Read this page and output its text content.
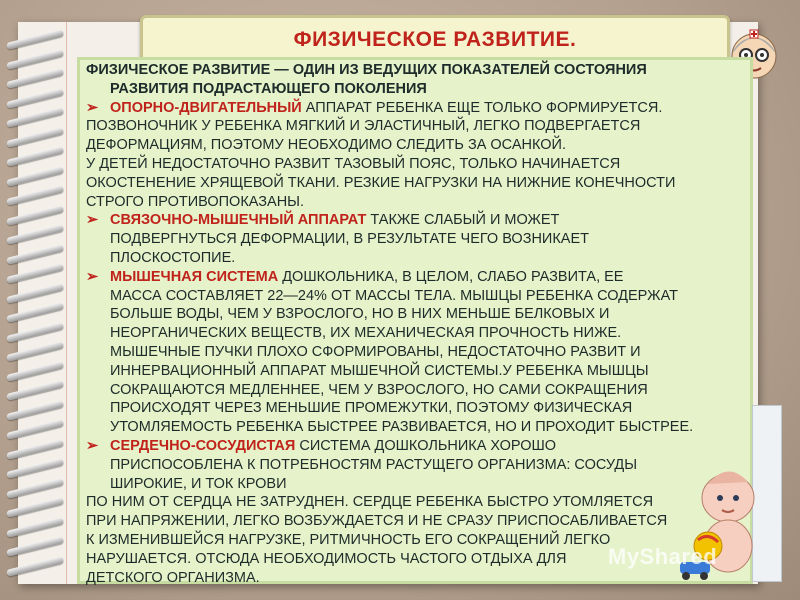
ФИЗИЧЕСКОЕ РАЗВИТИЕ.
ФИЗИЧЕСКОЕ РАЗВИТИЕ — ОДИН ИЗ ВЕДУЩИХ ПОКАЗАТЕЛЕЙ СОСТОЯНИЯ
РАЗВИТИЯ ПОДРАСТАЮЩЕГО ПОКОЛЕНИЯ
➢ ОПОРНО-ДВИГАТЕЛЬНЫЙ АППАРАТ РЕБЕНКА ЕЩЕ ТОЛЬКО ФОРМИРУЕТСЯ.
ПОЗВОНОЧНИК У РЕБЕНКА МЯГКИЙ И ЭЛАСТИЧНЫЙ, ЛЕГКО ПОДВЕРГАЕТСЯ
ДЕФОРМАЦИЯМ, ПОЭТОМУ НЕОБХОДИМО СЛЕДИТЬ ЗА ОСАНКОЙ.
У ДЕТЕЙ НЕДОСТАТОЧНО РАЗВИТ ТАЗОВЫЙ ПОЯС, ТОЛЬКО НАЧИНАЕТСЯ
ОКОСТЕНЕНИЕ ХРЯЩЕВОЙ ТКАНИ. РЕЗКИЕ НАГРУЗКИ НА НИЖНИЕ КОНЕЧНОСТИ
СТРОГО ПРОТИВОПОКАЗАНЫ.
➢ СВЯЗОЧНО-МЫШЕЧНЫЙ АППАРАТ ТАКЖЕ СЛАБЫЙ И МОЖЕТ
ПОДВЕРГНУТЬСЯ ДЕФОРМАЦИИ, В РЕЗУЛЬТАТЕ ЧЕГО ВОЗНИКАЕТ
ПЛОСКОСТОПИЕ.
➢ МЫШЕЧНАЯ СИСТЕМА ДОШКОЛЬНИКА, В ЦЕЛОМ, СЛАБО РАЗВИТА, ЕЕ
МАССА СОСТАВЛЯЕТ 22—24% ОТ МАССЫ ТЕЛА. МЫШЦЫ РЕБЕНКА СОДЕРЖАТ
БОЛЬШЕ ВОДЫ, ЧЕМ У ВЗРОСЛОГО, НО В НИХ МЕНЬШЕ БЕЛКОВЫХ И
НЕОРГАНИЧЕСКИХ ВЕЩЕСТВ, ИХ МЕХАНИЧЕСКАЯ ПРОЧНОСТЬ НИЖЕ.
МЫШЕЧНЫЕ ПУЧКИ ПЛОХО СФОРМИРОВАНЫ, НЕДОСТАТОЧНО РАЗВИТ И
ИННЕРВАЦИОННЫЙ АППАРАТ МЫШЕЧНОЙ СИСТЕМЫ.У РЕБЕНКА МЫШЦЫ
СОКРАЩАЮТСЯ МЕДЛЕННЕЕ, ЧЕМ У ВЗРОСЛОГО, НО САМИ СОКРАЩЕНИЯ
ПРОИСХОДЯТ ЧЕРЕЗ МЕНЬШИЕ ПРОМЕЖУТКИ, ПОЭТОМУ ФИЗИЧЕСКАЯ
УТОМЛЯЕМОСТЬ РЕБЕНКА БЫСТРЕЕ РАЗВИВАЕТСЯ, НО И ПРОХОДИТ БЫСТРЕЕ.
➢ СЕРДЕЧНО-СОСУДИСТАЯ СИСТЕМА ДОШКОЛЬНИКА ХОРОШО
ПРИСПОСОБЛЕНА К ПОТРЕБНОСТЯМ РАСТУЩЕГО ОРГАНИЗМА: СОСУДЫ
ШИРОКИЕ, И ТОК КРОВИ
ПО НИМ ОТ СЕРДЦА НЕ ЗАТРУДНЕН. СЕРДЦЕ РЕБЕНКА БЫСТРО УТОМЛЯЕТСЯ
ПРИ НАПРЯЖЕНИИ, ЛЕГКО ВОЗБУЖДАЕТСЯ И НЕ СРАЗУ ПРИСПОСАБЛИВАЕТСЯ
К ИЗМЕНИВШЕЙСЯ НАГРУЗКЕ, РИТМИЧНОСТЬ ЕГО СОКРАЩЕНИЙ ЛЕГКО
НАРУШАЕТСЯ. ОТСЮДА НЕОБХОДИМОСТЬ ЧАСТОГО ОТДЫХА ДЛЯ
ДЕТСКОГО ОРГАНИЗМА.
MyShared
